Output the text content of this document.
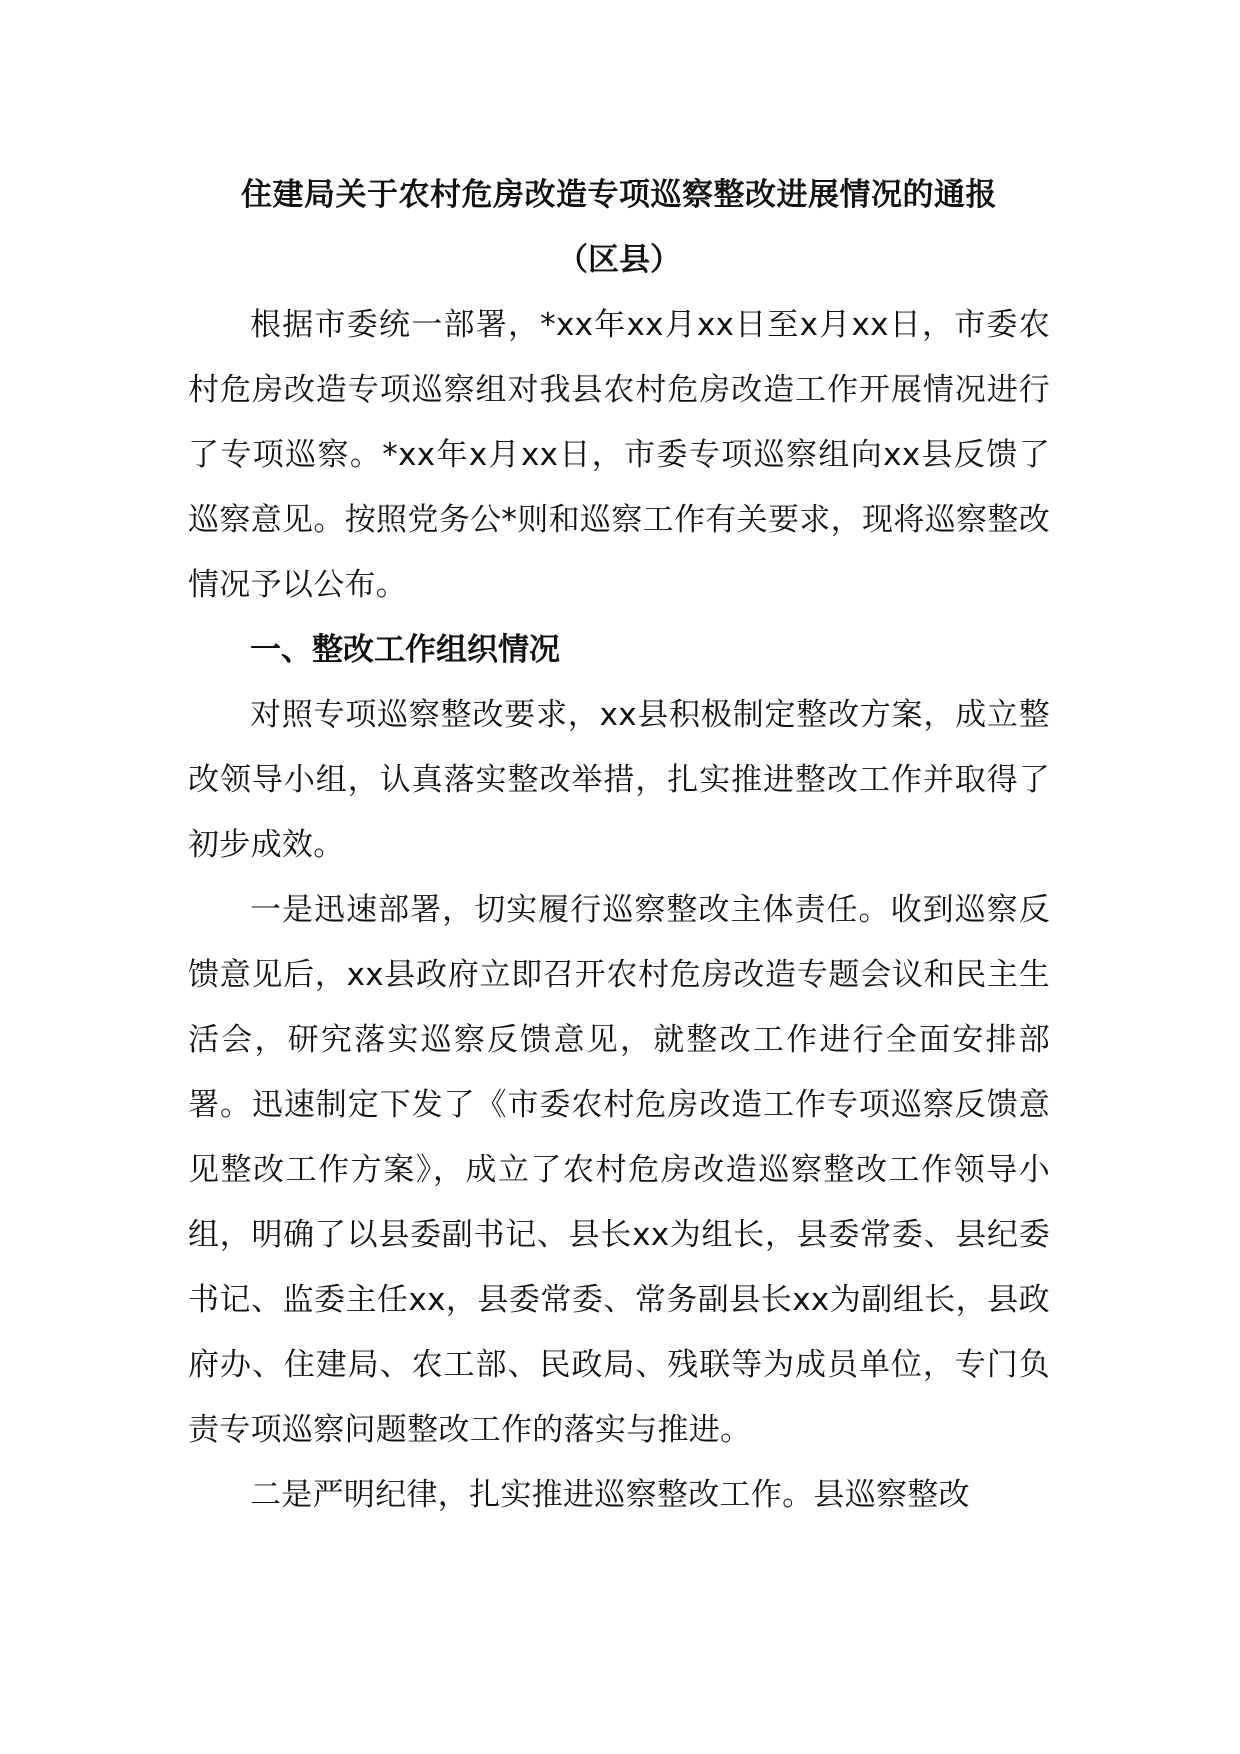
住建局关于农村危房改造专项巡察整改进展情况的通报
（区县）

根据市委统一部署，*xx年xx月xx日至x月xx日，市委农村危房改造专项巡察组对我县农村危房改造工作开展情况进行了专项巡察。*xx年x月xx日，市委专项巡察组向xx县反馈了巡察意见。按照党务公*则和巡察工作有关要求，现将巡察整改情况予以公布。

一、整改工作组织情况

对照专项巡察整改要求，xx县积极制定整改方案，成立整改领导小组，认真落实整改举措，扎实推进整改工作并取得了初步成效。

一是迅速部署，切实履行巡察整改主体责任。收到巡察反馈意见后，xx县政府立即召开农村危房改造专题会议和民主生活会，研究落实巡察反馈意见，就整改工作进行全面安排部署。迅速制定下发了《市委农村危房改造工作专项巡察反馈意见整改工作方案》，成立了农村危房改造巡察整改工作领导小组，明确了以县委副书记、县长xx为组长，县委常委、县纪委书记、监委主任xx，县委常委、常务副县长xx为副组长，县政府办、住建局、农工部、民政局、残联等为成员单位，专门负责专项巡察问题整改工作的落实与推进。

二是严明纪律，扎实推进巡察整改工作。县巡察整改
